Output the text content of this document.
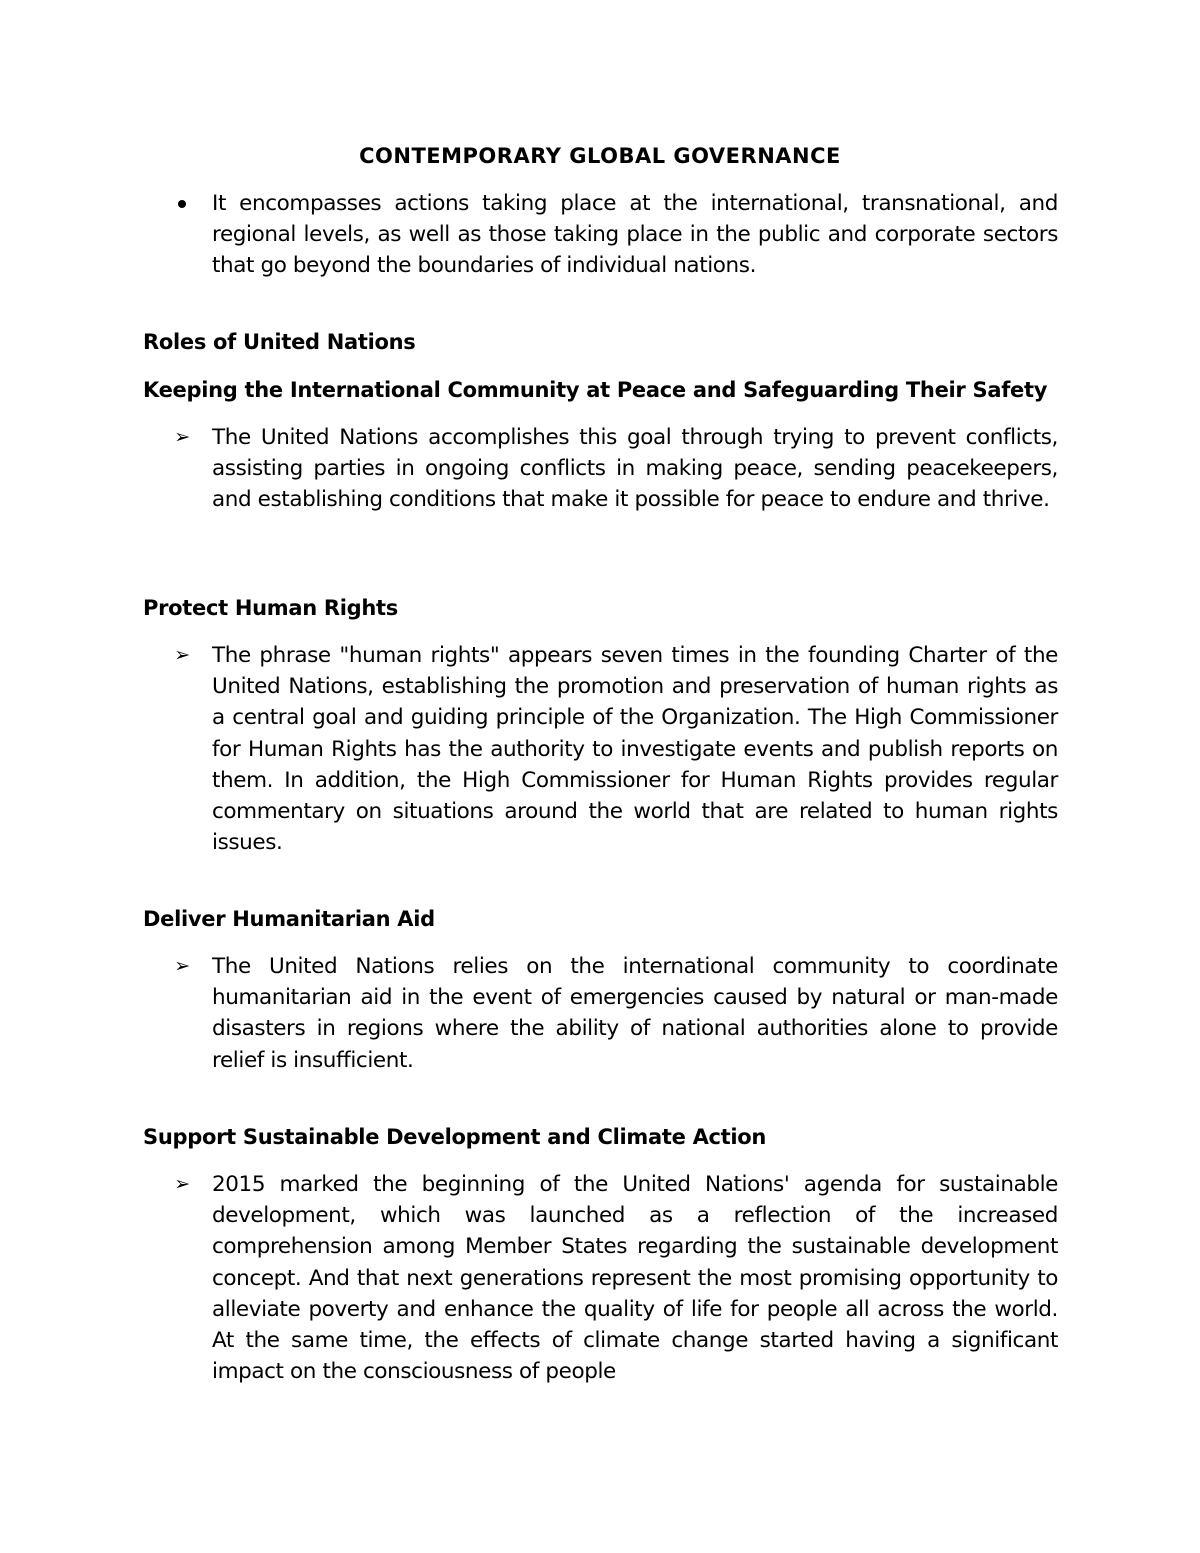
CONTEMPORARY GLOBAL GOVERNANCE
It encompasses actions taking place at the international, transnational, and regional levels, as well as those taking place in the public and corporate sectors that go beyond the boundaries of individual nations.
Roles of United Nations
Keeping the International Community at Peace and Safeguarding Their Safety
➢ The United Nations accomplishes this goal through trying to prevent conflicts, assisting parties in ongoing conflicts in making peace, sending peacekeepers, and establishing conditions that make it possible for peace to endure and thrive.
Protect Human Rights
➢ The phrase "human rights" appears seven times in the founding Charter of the United Nations, establishing the promotion and preservation of human rights as a central goal and guiding principle of the Organization. The High Commissioner for Human Rights has the authority to investigate events and publish reports on them. In addition, the High Commissioner for Human Rights provides regular commentary on situations around the world that are related to human rights issues.
Deliver Humanitarian Aid
➢ The United Nations relies on the international community to coordinate humanitarian aid in the event of emergencies caused by natural or man-made disasters in regions where the ability of national authorities alone to provide relief is insufficient.
Support Sustainable Development and Climate Action
➢ 2015 marked the beginning of the United Nations' agenda for sustainable development, which was launched as a reflection of the increased comprehension among Member States regarding the sustainable development concept. And that next generations represent the most promising opportunity to alleviate poverty and enhance the quality of life for people all across the world. At the same time, the effects of climate change started having a significant impact on the consciousness of people
